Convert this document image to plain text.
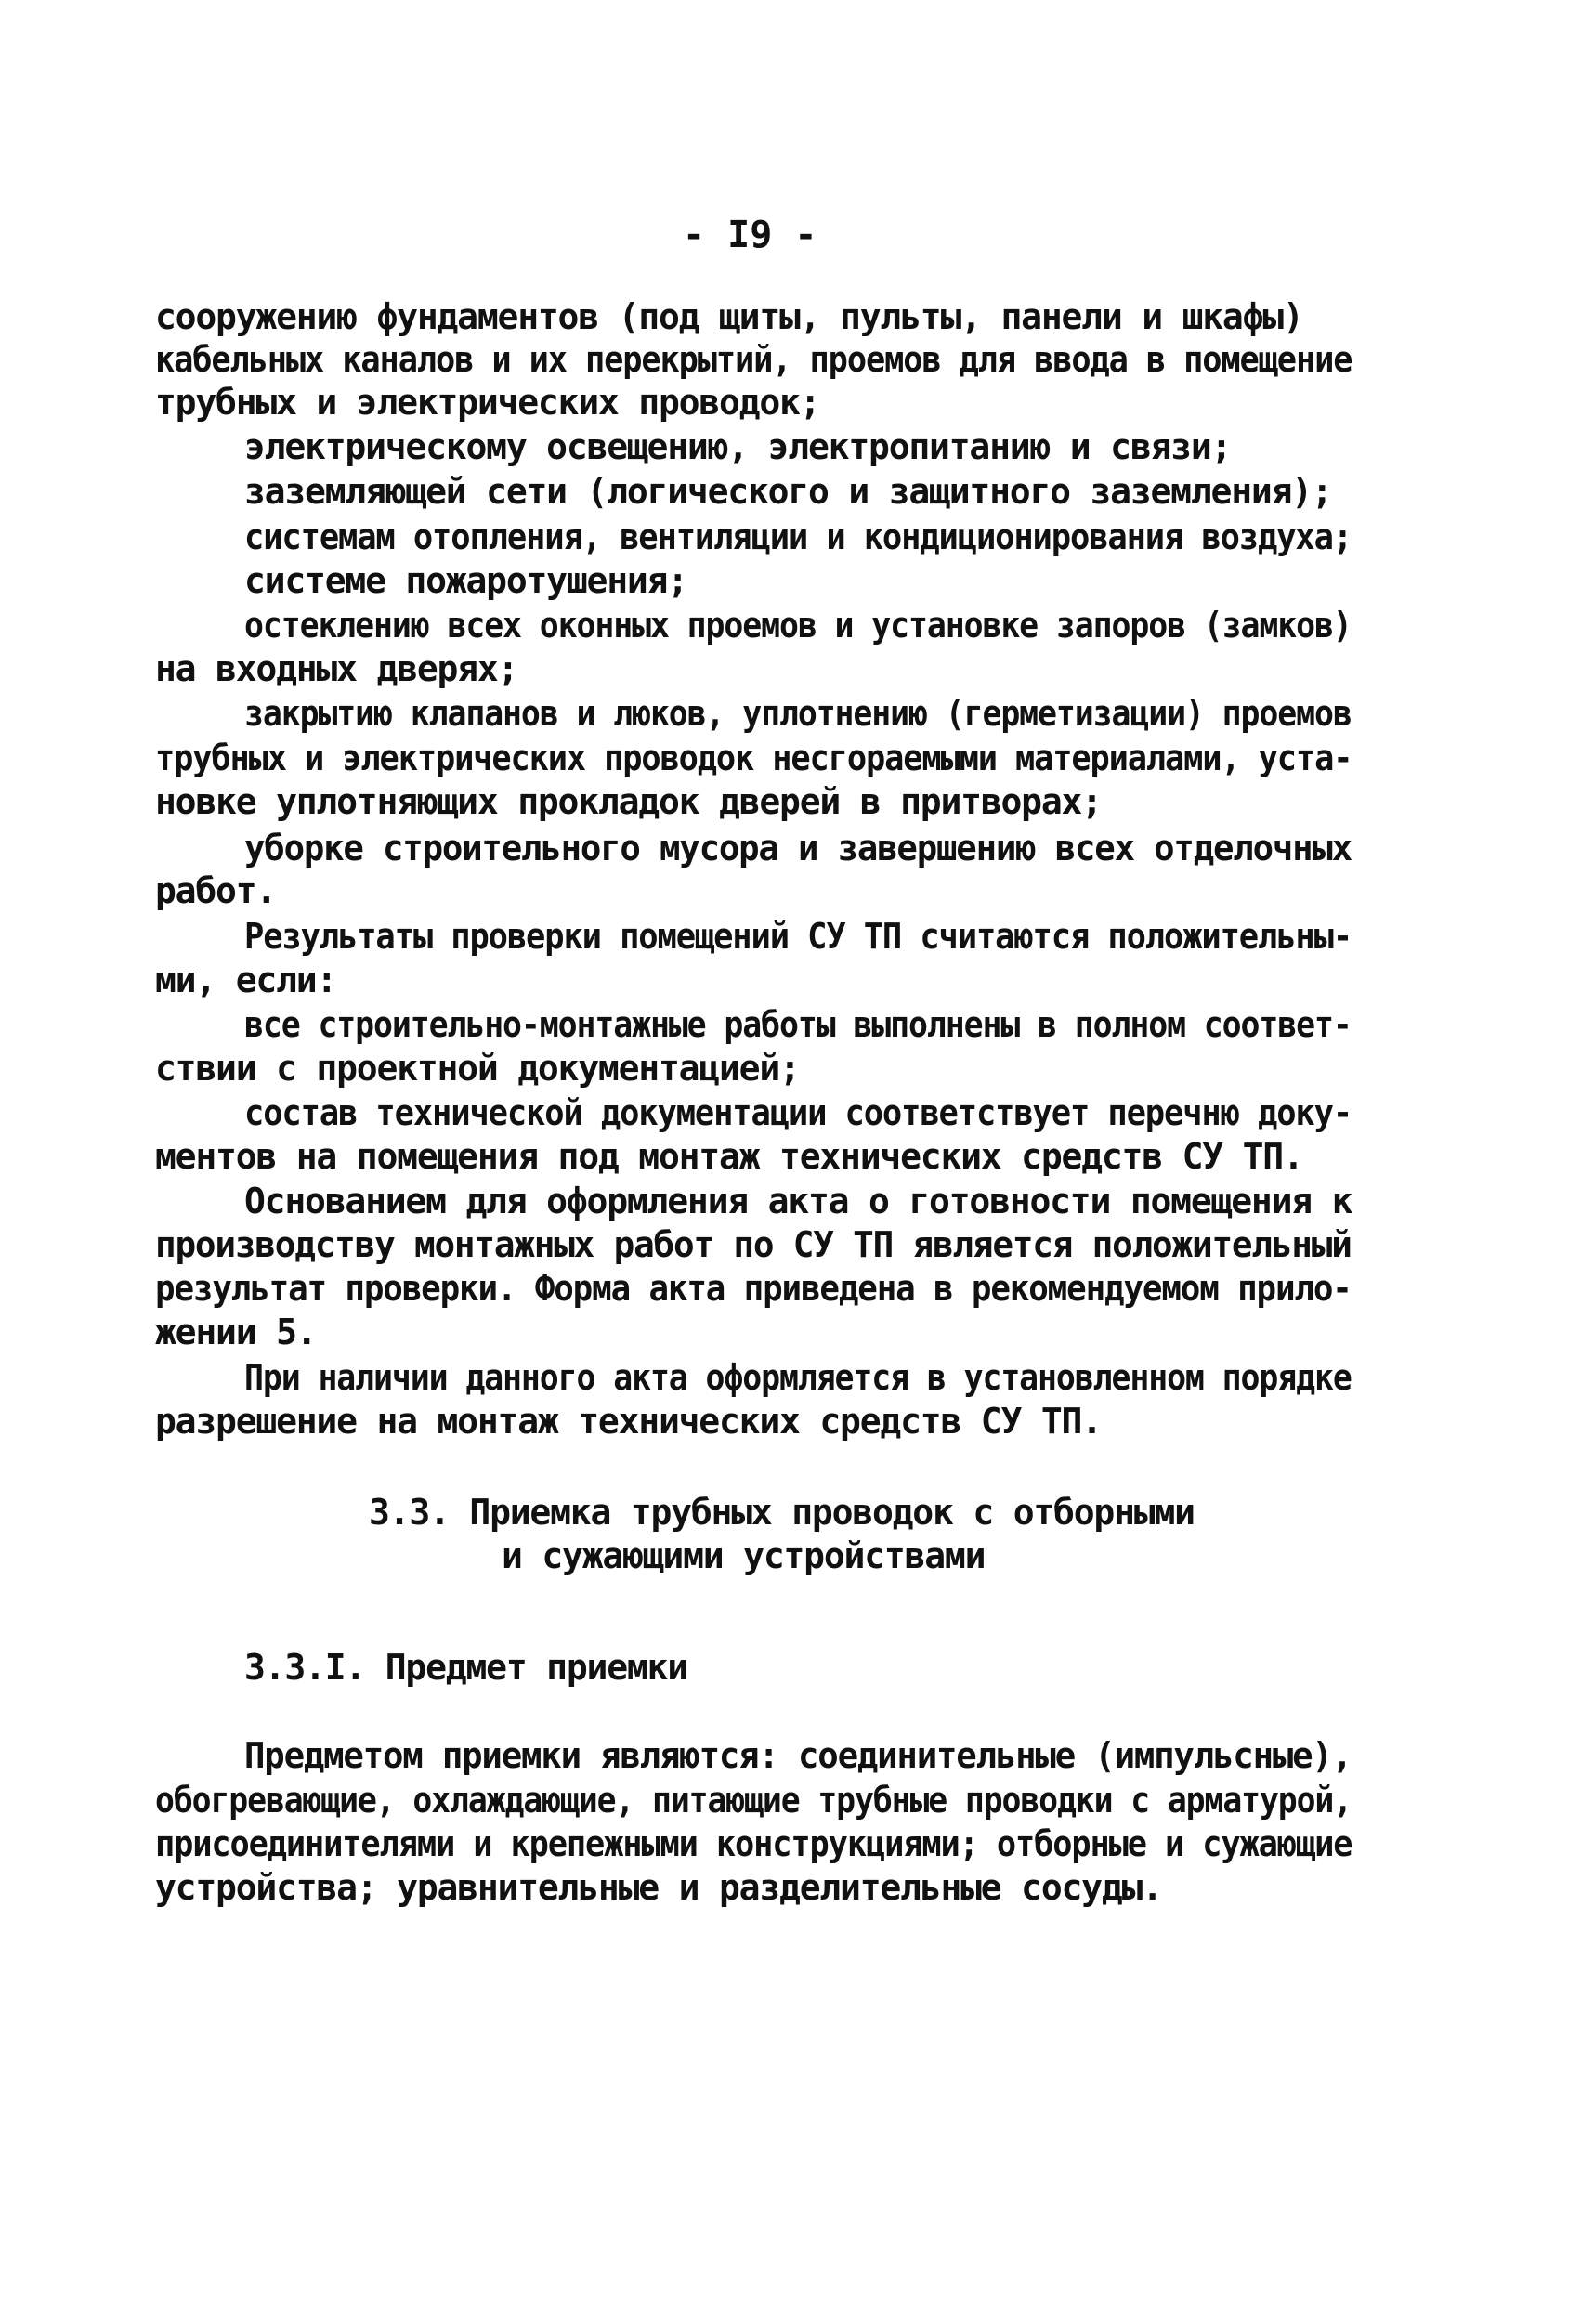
- I9 -
сооружению фундаментов (под щиты, пульты, панели и шкафы)
кабельных каналов и их перекрытий, проемов для ввода в помещение
трубных и электрических проводок;
электрическому освещению, электропитанию и связи;
заземляющей сети (логического и защитного заземления);
системам отопления, вентиляции и кондиционирования воздуха;
системе пожаротушения;
остеклению всех оконных проемов и установке запоров (замков)
на входных дверях;
закрытию клапанов и люков, уплотнению (герметизации) проемов
трубных и электрических проводок несгораемыми материалами, уста-
новке уплотняющих прокладок дверей в притворах;
уборке строительного мусора и завершению всех отделочных
работ.
Результаты проверки помещений СУ ТП считаются положительны-
ми, если:
все строительно-монтажные работы выполнены в полном соответ-
ствии с проектной документацией;
состав технической документации соответствует перечню доку-
ментов на помещения под монтаж технических средств СУ ТП.
Основанием для оформления акта о готовности помещения к
производству монтажных работ по СУ ТП является положительный
результат проверки. Форма акта приведена в рекомендуемом прило-
жении 5.
При наличии данного акта оформляется в установленном порядке
разрешение на монтаж технических средств СУ ТП.
3.3. Приемка трубных проводок с отборными
и сужающими устройствами
3.3.I. Предмет приемки
Предметом приемки являются: соединительные (импульсные),
обогревающие, охлаждающие, питающие трубные проводки с арматурой,
присоединителями и крепежными конструкциями; отборные и сужающие
устройства; уравнительные и разделительные сосуды.
